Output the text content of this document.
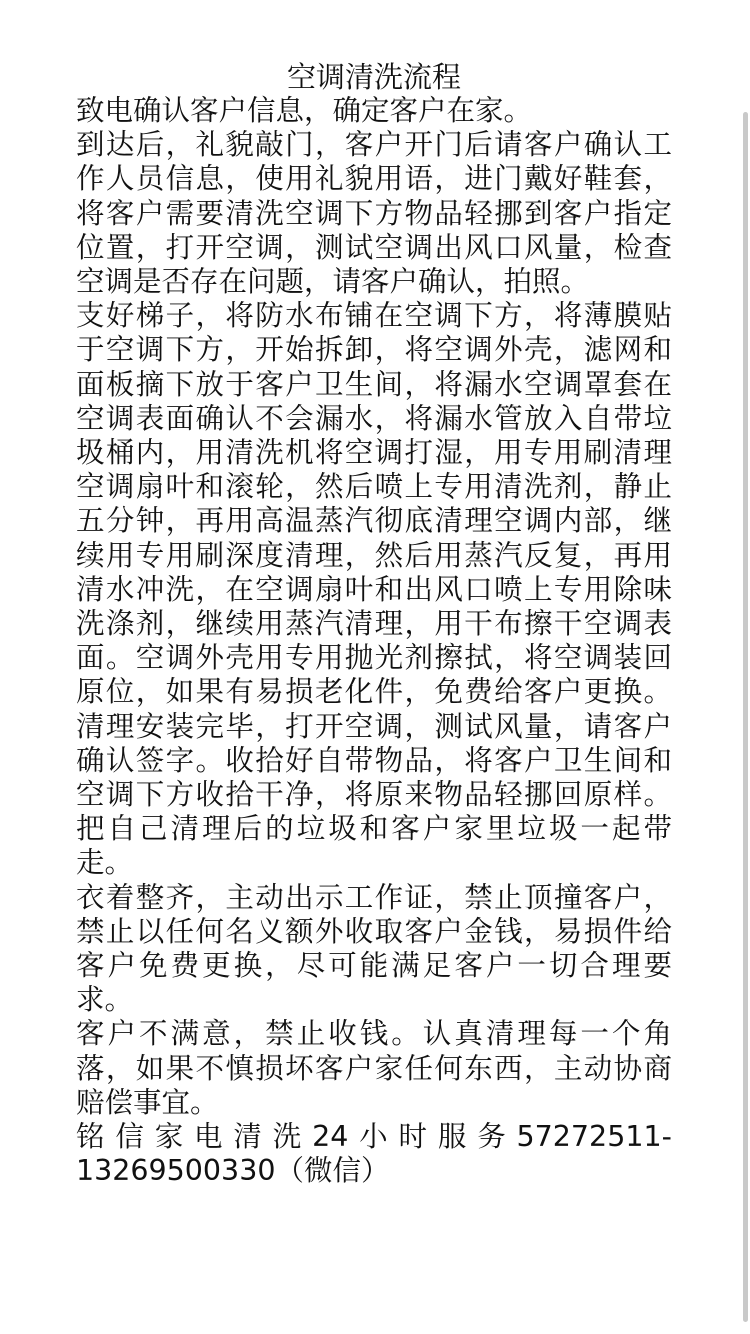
空调清洗流程

致电确认客户信息，确定客户在家。

到达后，礼貌敲门，客户开门后请客户确认工作人员信息，使用礼貌用语，进门戴好鞋套，将客户需要清洗空调下方物品轻挪到客户指定位置，打开空调，测试空调出风口风量，检查空调是否存在问题，请客户确认，拍照。

支好梯子，将防水布铺在空调下方，将薄膜贴于空调下方，开始拆卸，将空调外壳，滤网和面板摘下放于客户卫生间，将漏水空调罩套在空调表面确认不会漏水，将漏水管放入自带垃圾桶内，用清洗机将空调打湿，用专用刷清理空调扇叶和滚轮，然后喷上专用清洗剂，静止五分钟，再用高温蒸汽彻底清理空调内部，继续用专用刷深度清理，然后用蒸汽反复，再用清水冲洗，在空调扇叶和出风口喷上专用除味洗涤剂，继续用蒸汽清理，用干布擦干空调表面。空调外壳用专用抛光剂擦拭，将空调装回原位，如果有易损老化件，免费给客户更换。清理安装完毕，打开空调，测试风量，请客户确认签字。收拾好自带物品，将客户卫生间和空调下方收拾干净，将原来物品轻挪回原样。把自己清理后的垃圾和客户家里垃圾一起带走。

衣着整齐，主动出示工作证，禁止顶撞客户，禁止以任何名义额外收取客户金钱，易损件给客户免费更换，尽可能满足客户一切合理要求。

客户不满意，禁止收钱。认真清理每一个角落，如果不慎损坏客户家任何东西，主动协商赔偿事宜。

铭 信 家 电 清 洗 24 小 时 服 务 57272511-
13269500330（微信）
